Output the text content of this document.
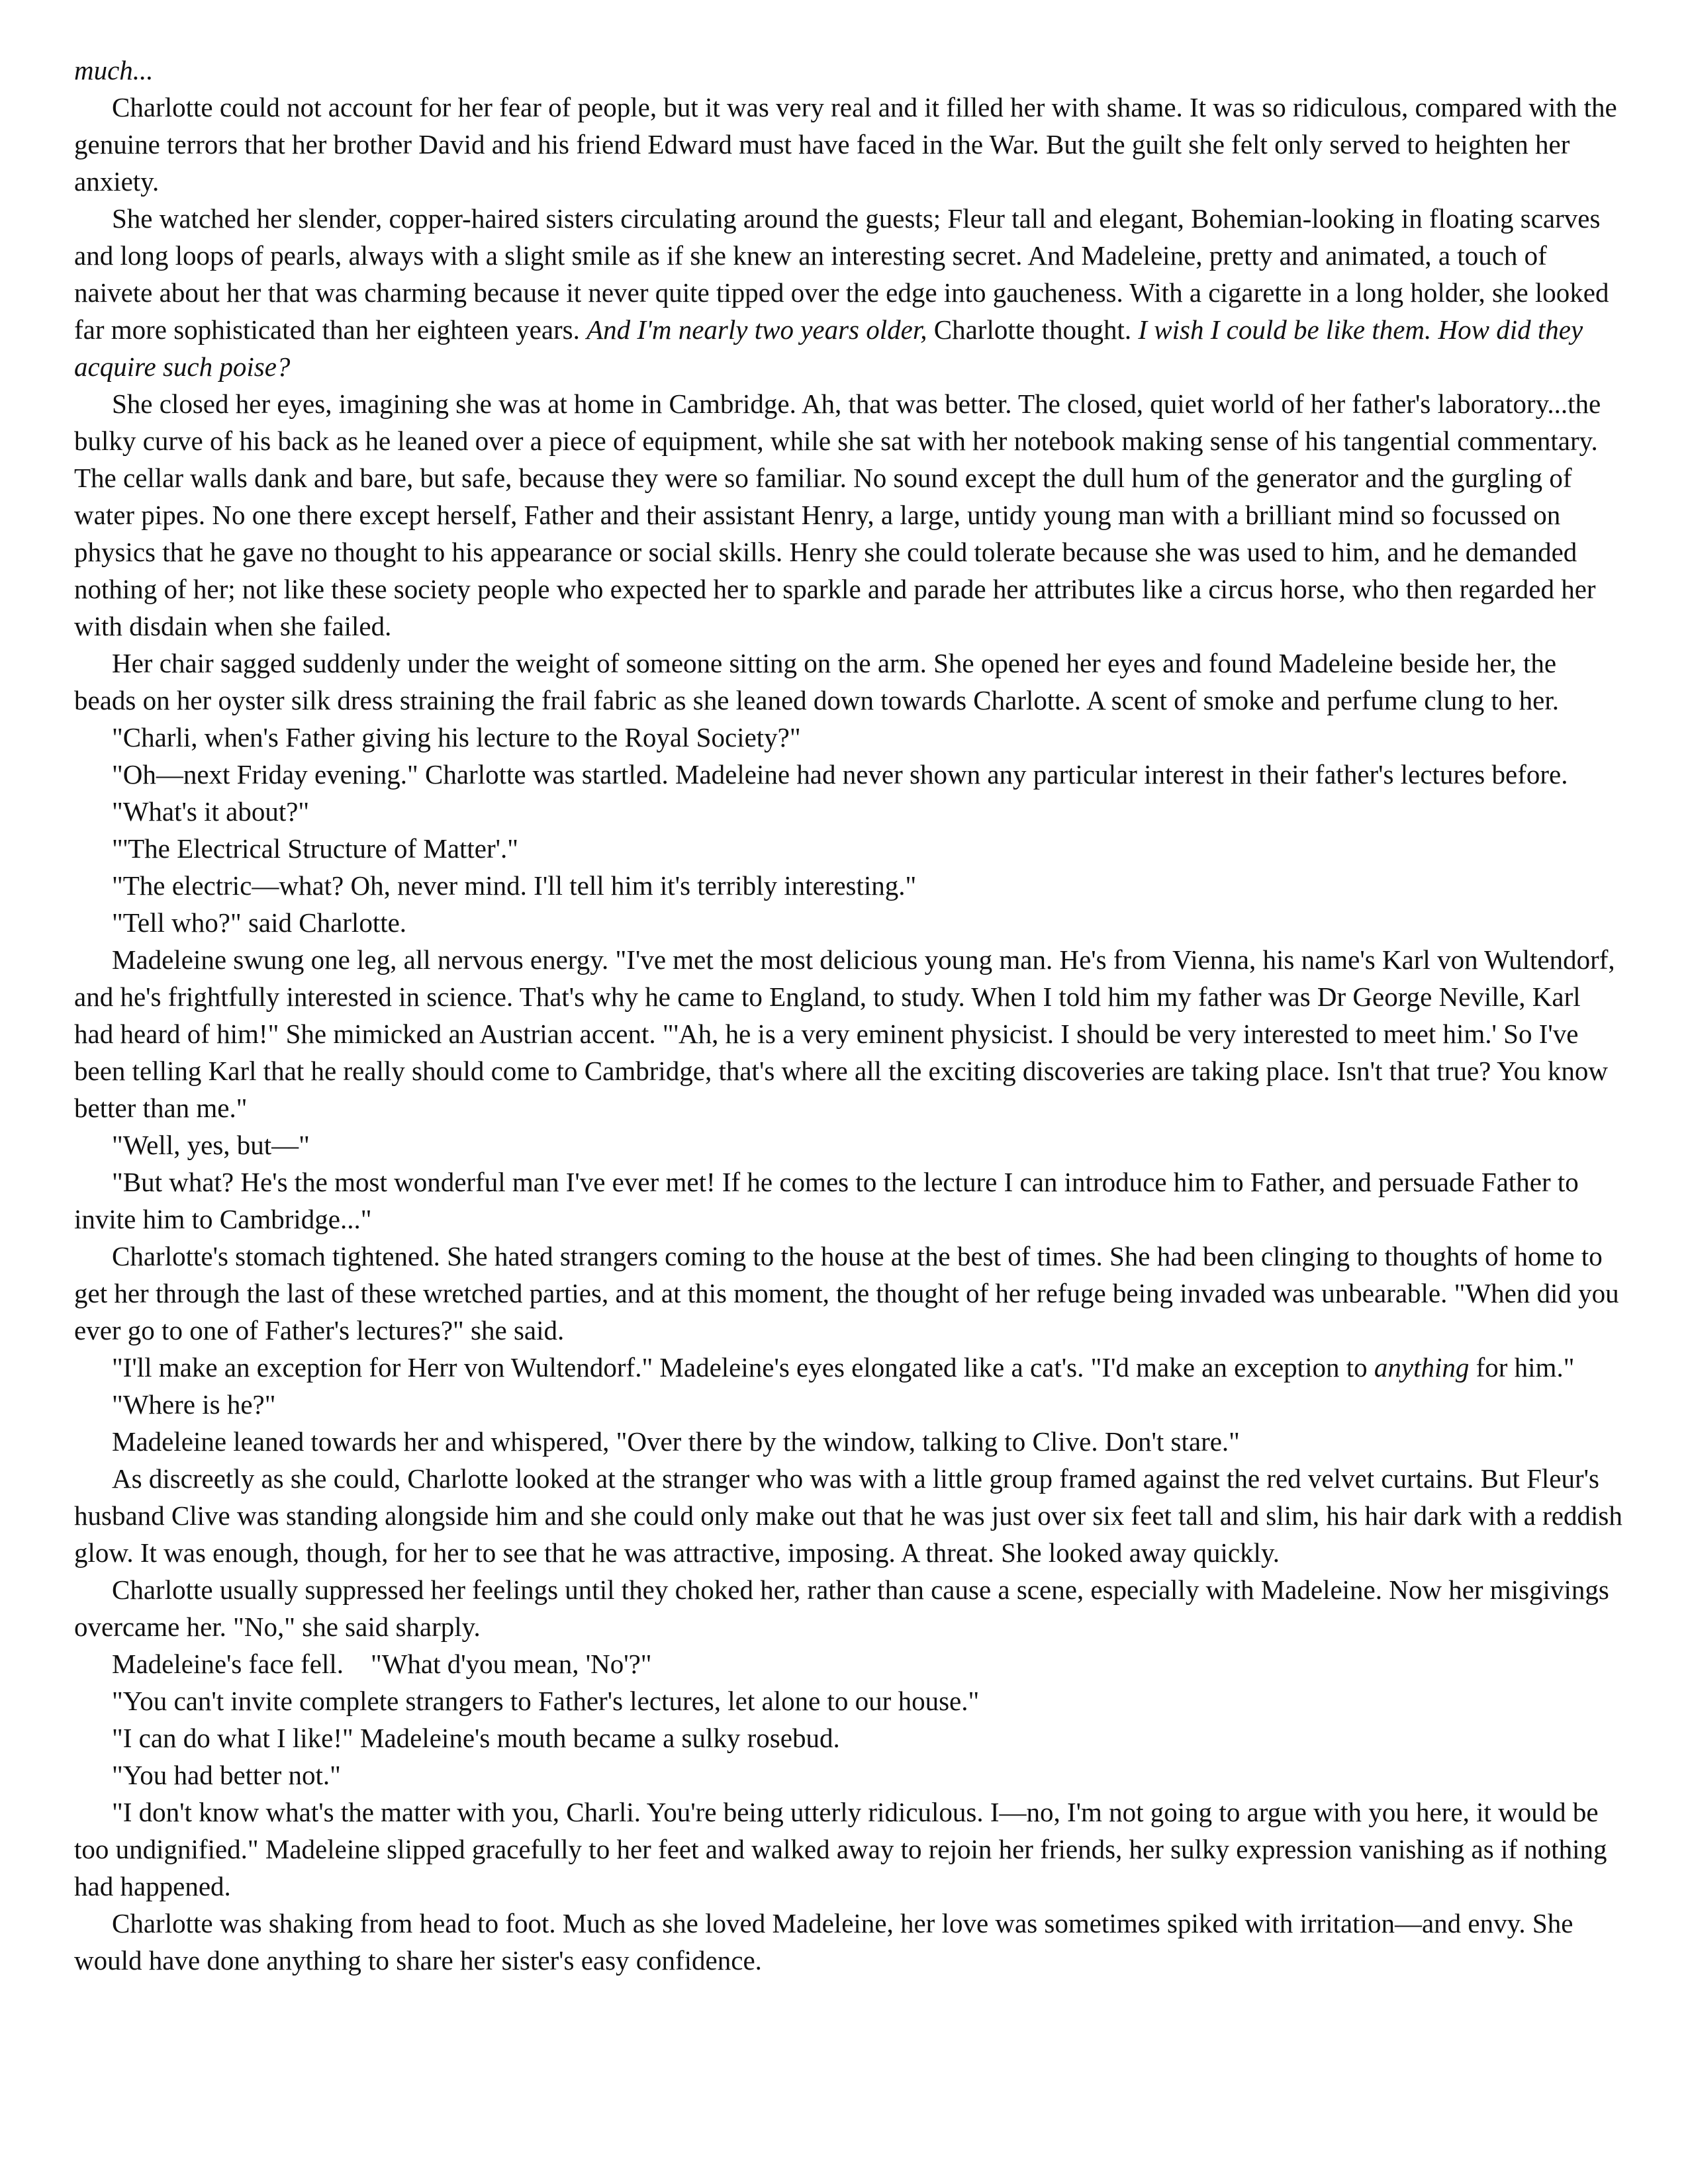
much...

Charlotte could not account for her fear of people, but it was very real and it filled her with shame. It was so ridiculous, compared with the genuine terrors that her brother David and his friend Edward must have faced in the War. But the guilt she felt only served to heighten her anxiety.

She watched her slender, copper-haired sisters circulating around the guests; Fleur tall and elegant, Bohemian-looking in floating scarves and long loops of pearls, always with a slight smile as if she knew an interesting secret. And Madeleine, pretty and animated, a touch of naivete about her that was charming because it never quite tipped over the edge into gaucheness. With a cigarette in a long holder, she looked far more sophisticated than her eighteen years. And I'm nearly two years older, Charlotte thought. I wish I could be like them. How did they acquire such poise?

She closed her eyes, imagining she was at home in Cambridge. Ah, that was better. The closed, quiet world of her father's laboratory...the bulky curve of his back as he leaned over a piece of equipment, while she sat with her notebook making sense of his tangential commentary. The cellar walls dank and bare, but safe, because they were so familiar. No sound except the dull hum of the generator and the gurgling of water pipes. No one there except herself, Father and their assistant Henry, a large, untidy young man with a brilliant mind so focussed on physics that he gave no thought to his appearance or social skills. Henry she could tolerate because she was used to him, and he demanded nothing of her; not like these society people who expected her to sparkle and parade her attributes like a circus horse, who then regarded her with disdain when she failed.

Her chair sagged suddenly under the weight of someone sitting on the arm. She opened her eyes and found Madeleine beside her, the beads on her oyster silk dress straining the frail fabric as she leaned down towards Charlotte. A scent of smoke and perfume clung to her.

"Charli, when's Father giving his lecture to the Royal Society?"

"Oh—next Friday evening." Charlotte was startled. Madeleine had never shown any particular interest in their father's lectures before.

"What's it about?"

"'The Electrical Structure of Matter'."

"The electric—what? Oh, never mind. I'll tell him it's terribly interesting."

"Tell who?" said Charlotte.

Madeleine swung one leg, all nervous energy. "I've met the most delicious young man. He's from Vienna, his name's Karl von Wultendorf, and he's frightfully interested in science. That's why he came to England, to study. When I told him my father was Dr George Neville, Karl had heard of him!" She mimicked an Austrian accent. "'Ah, he is a very eminent physicist. I should be very interested to meet him.' So I've been telling Karl that he really should come to Cambridge, that's where all the exciting discoveries are taking place. Isn't that true? You know better than me."

"Well, yes, but—"

"But what? He's the most wonderful man I've ever met! If he comes to the lecture I can introduce him to Father, and persuade Father to invite him to Cambridge..."

Charlotte's stomach tightened. She hated strangers coming to the house at the best of times. She had been clinging to thoughts of home to get her through the last of these wretched parties, and at this moment, the thought of her refuge being invaded was unbearable. "When did you ever go to one of Father's lectures?" she said.

"I'll make an exception for Herr von Wultendorf." Madeleine's eyes elongated like a cat's. "I'd make an exception to anything for him."

"Where is he?"

Madeleine leaned towards her and whispered, "Over there by the window, talking to Clive. Don't stare."

As discreetly as she could, Charlotte looked at the stranger who was with a little group framed against the red velvet curtains. But Fleur's husband Clive was standing alongside him and she could only make out that he was just over six feet tall and slim, his hair dark with a reddish glow. It was enough, though, for her to see that he was attractive, imposing. A threat. She looked away quickly.

Charlotte usually suppressed her feelings until they choked her, rather than cause a scene, especially with Madeleine. Now her misgivings overcame her. "No," she said sharply.

Madeleine's face fell.    "What d'you mean, 'No'?"

"You can't invite complete strangers to Father's lectures, let alone to our house."

"I can do what I like!" Madeleine's mouth became a sulky rosebud.

"You had better not."

"I don't know what's the matter with you, Charli. You're being utterly ridiculous. I—no, I'm not going to argue with you here, it would be too undignified." Madeleine slipped gracefully to her feet and walked away to rejoin her friends, her sulky expression vanishing as if nothing had happened.

Charlotte was shaking from head to foot. Much as she loved Madeleine, her love was sometimes spiked with irritation—and envy. She would have done anything to share her sister's easy confidence.
